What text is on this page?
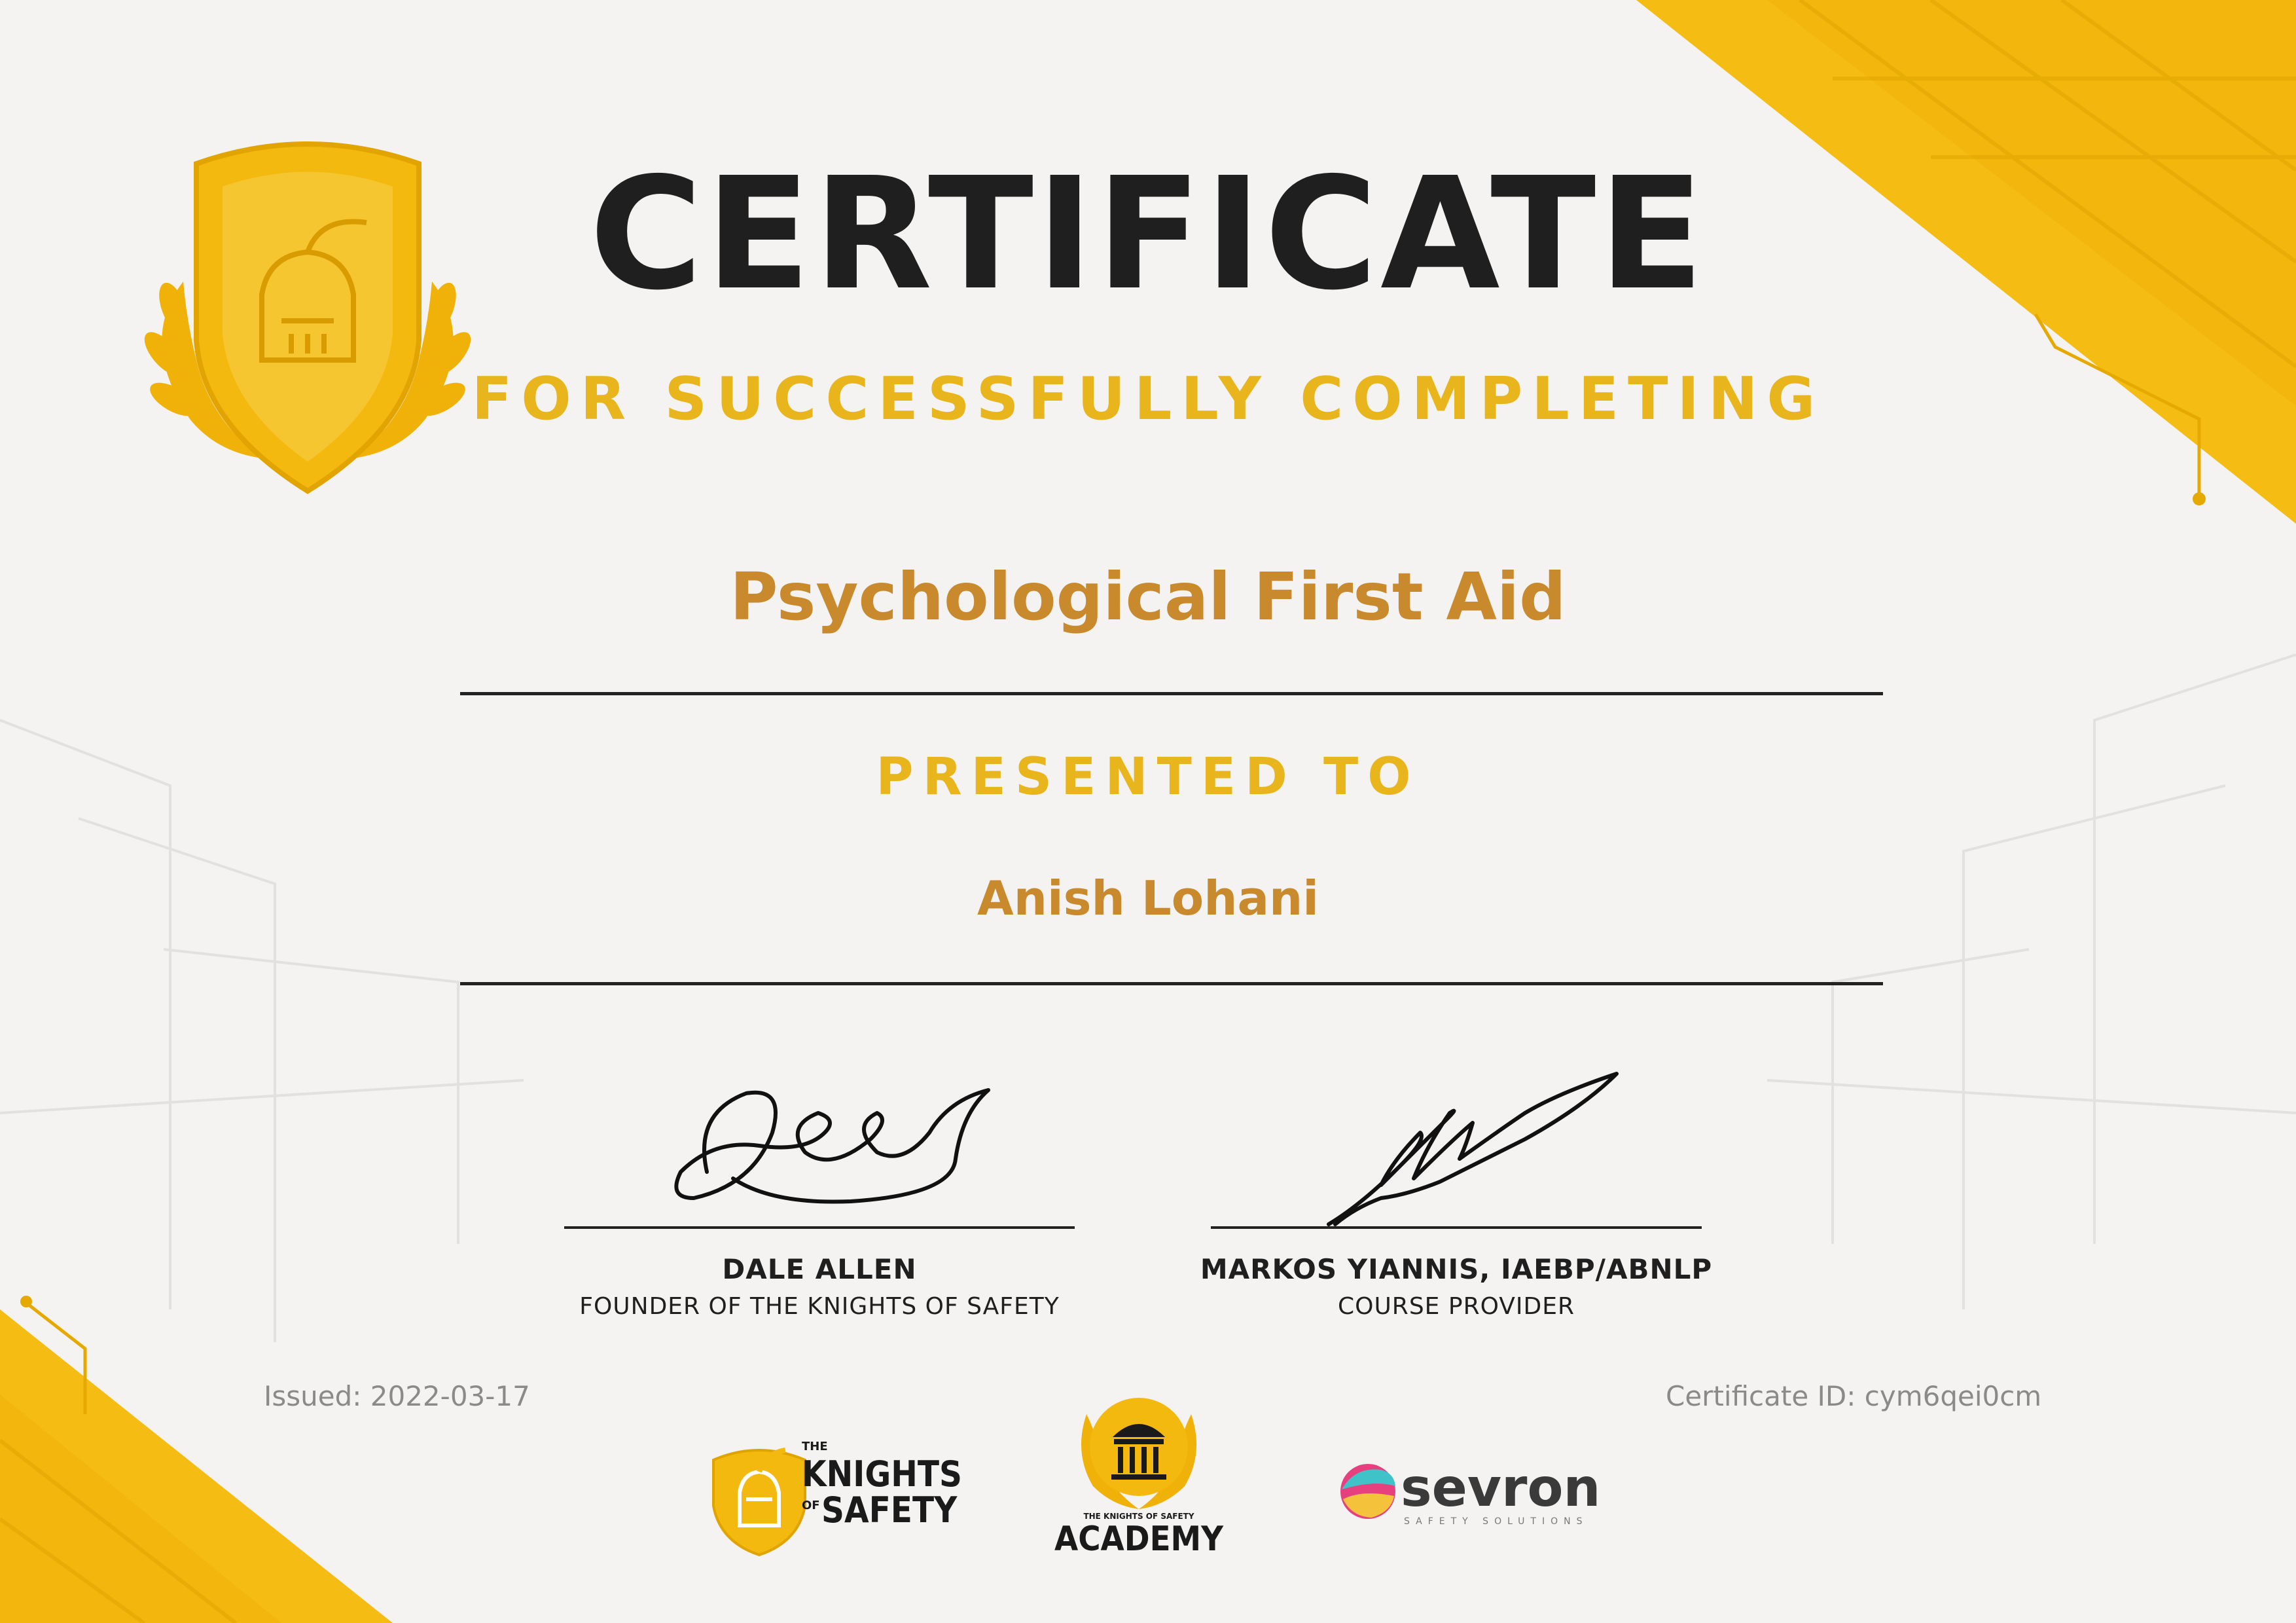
CERTIFICATE
FOR SUCCESSFULLY COMPLETING
Psychological First Aid
PRESENTED TO
Anish Lohani
DALE ALLEN
FOUNDER OF THE KNIGHTS OF SAFETY
MARKOS YIANNIS, IAEBP/ABNLP
COURSE PROVIDER
Issued: 2022-03-17	Certificate ID: cym6qei0cm
THE
KNIGHTS
OF SAFETY	THE KNIGHTS OF SAFETY
ACADEMY
sevron
SAFETY SOLUTIONS
